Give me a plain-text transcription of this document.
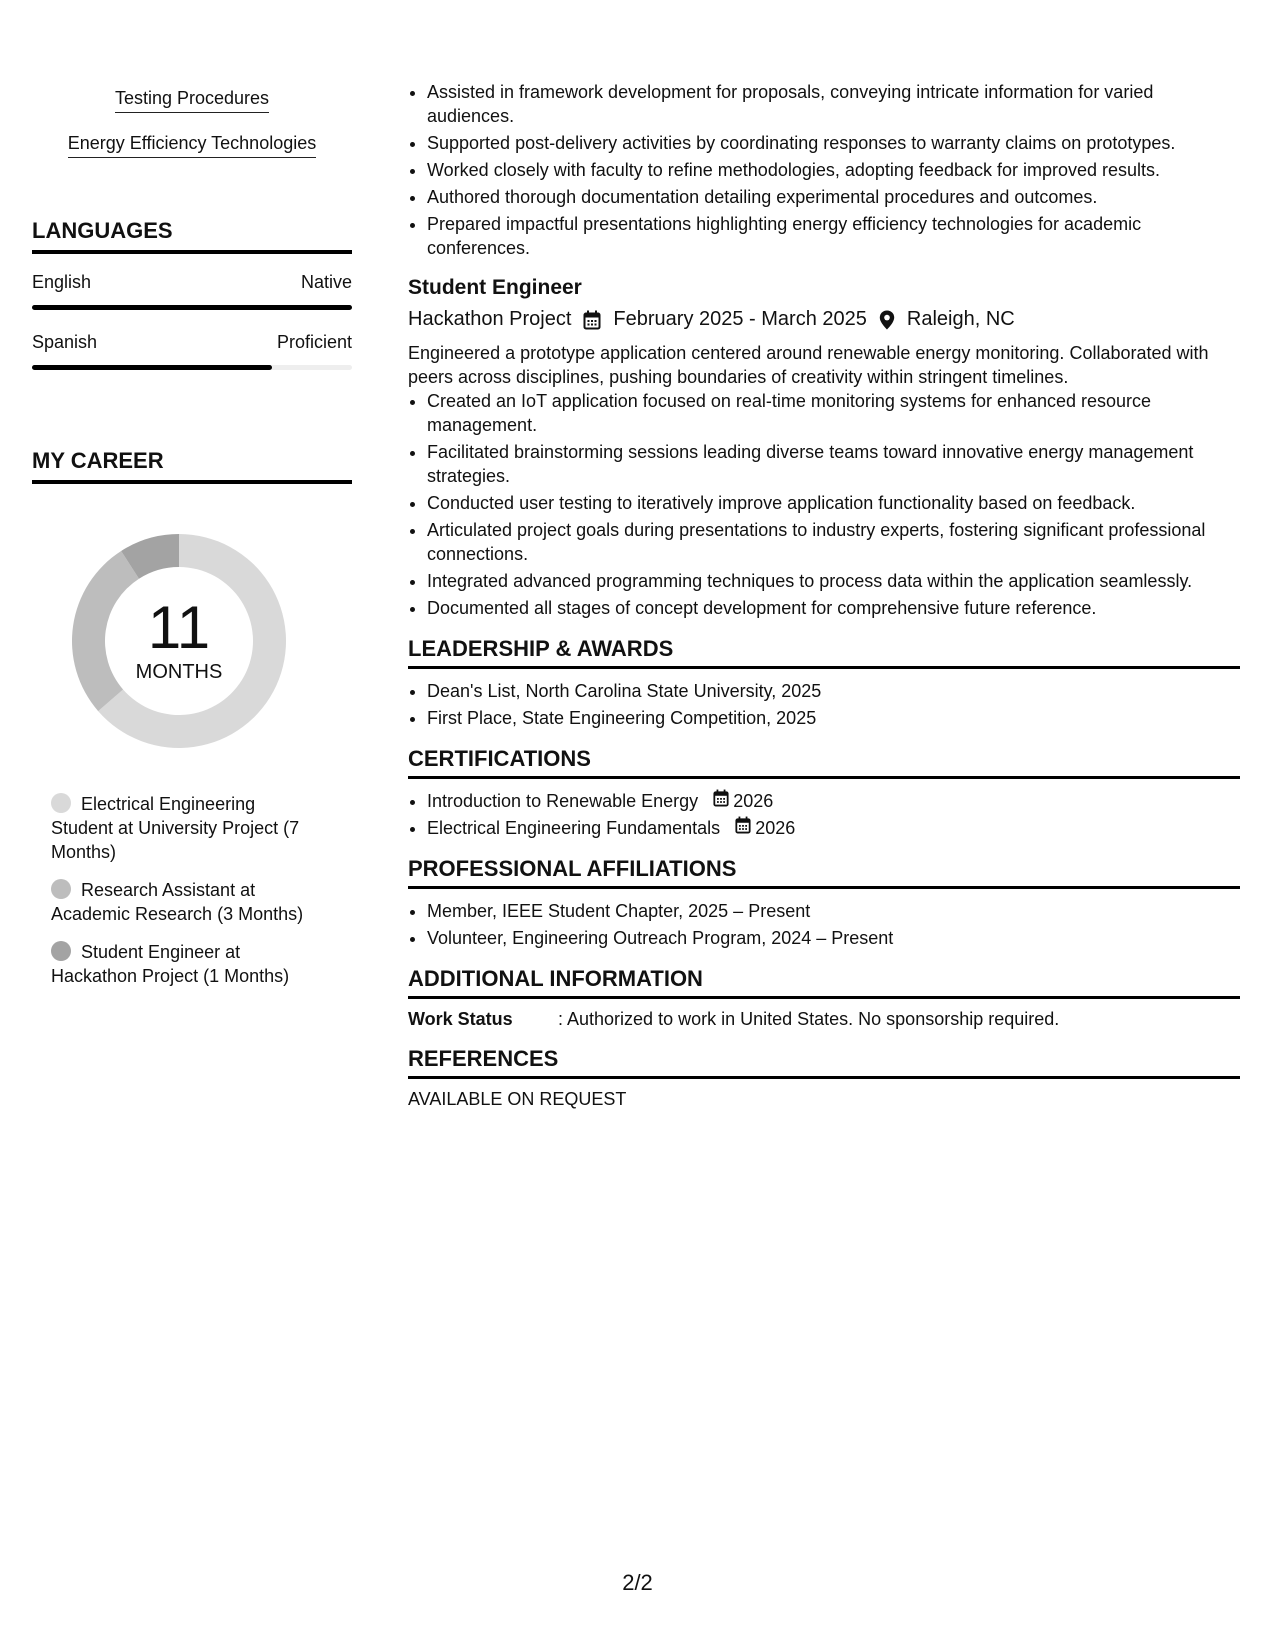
Testing Procedures
Energy Efficiency Technologies
LANGUAGES
English	Native
Spanish	Proficient
MY CAREER
11
MONTHS
Electrical Engineering Student at University Project (7 Months)
Research Assistant at Academic Research (3 Months)
Student Engineer at Hackathon Project (1 Months)
• Assisted in framework development for proposals, conveying intricate information for varied audiences.
• Supported post-delivery activities by coordinating responses to warranty claims on prototypes.
• Worked closely with faculty to refine methodologies, adopting feedback for improved results.
• Authored thorough documentation detailing experimental procedures and outcomes.
• Prepared impactful presentations highlighting energy efficiency technologies for academic conferences.
Student Engineer
Hackathon Project February 2025 - March 2025 Raleigh, NC
Engineered a prototype application centered around renewable energy monitoring. Collaborated with peers across disciplines, pushing boundaries of creativity within stringent timelines.
• Created an IoT application focused on real-time monitoring systems for enhanced resource management.
• Facilitated brainstorming sessions leading diverse teams toward innovative energy management strategies.
• Conducted user testing to iteratively improve application functionality based on feedback.
• Articulated project goals during presentations to industry experts, fostering significant professional connections.
• Integrated advanced programming techniques to process data within the application seamlessly.
• Documented all stages of concept development for comprehensive future reference.
LEADERSHIP & AWARDS
• Dean's List, North Carolina State University, 2025
• First Place, State Engineering Competition, 2025
CERTIFICATIONS
• Introduction to Renewable Energy 2026
• Electrical Engineering Fundamentals 2026
PROFESSIONAL AFFILIATIONS
• Member, IEEE Student Chapter, 2025 – Present
• Volunteer, Engineering Outreach Program, 2024 – Present
ADDITIONAL INFORMATION
Work Status	: Authorized to work in United States. No sponsorship required.
REFERENCES
AVAILABLE ON REQUEST
2/2
